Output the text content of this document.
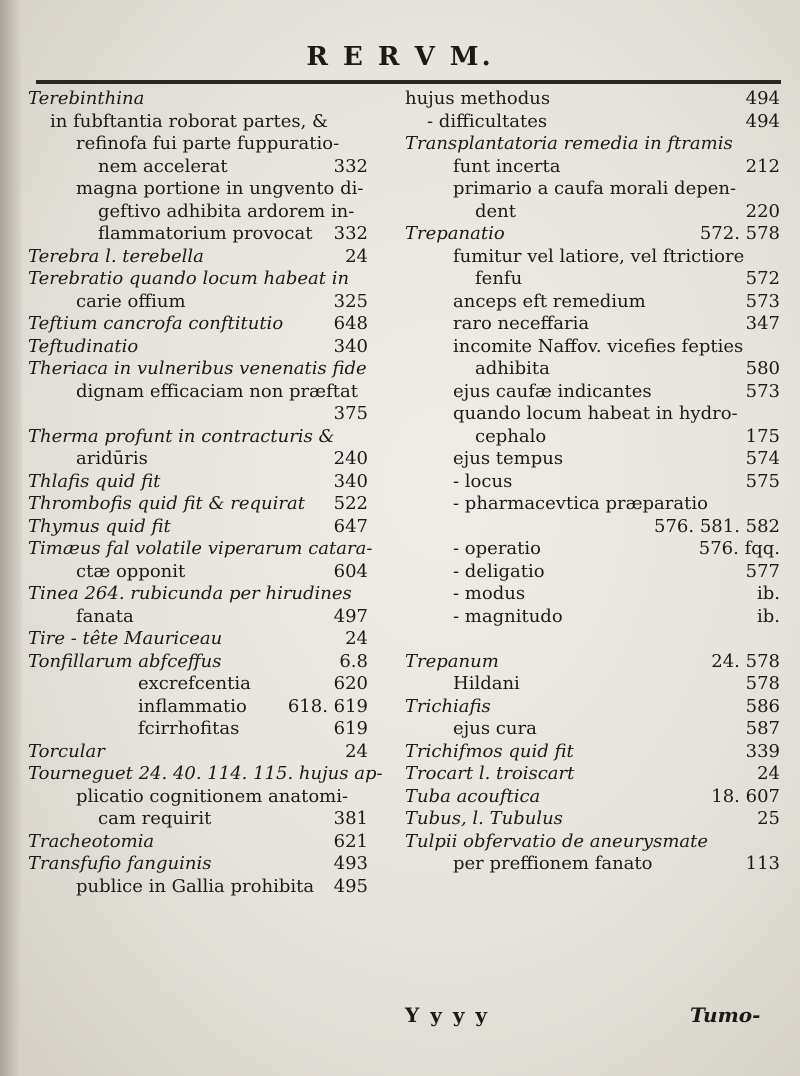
R E R V M.
Terebinthina
in fubftantia roborat partes, &
refinofa fui parte fuppuratio-
nem accelerat	332
magna portione in ungvento di-
geftivo adhibita ardorem in-
flammatorium provocat 332
Terebra l. terebella	24
Terebratio quando locum habeat in
carie offium	325
Teftium cancrofa conftitutio	648
Teftudinatio	340
Theriaca in vulneribus venenatis fide
dignam efficaciam non præftat
375
Therma profunt in contracturis &
aridūris	240
Thlafis quid fit	340
Thrombofis quid fit & requirat 522
Thymus quid fit	647
Timæus fal volatile viperarum catara-
ctæ opponit	604
Tinea 264. rubicunda per hirudines
fanata	497
Tire - tête Mauriceau	24
Tonfillarum abfceffus	6.8
excrefcentia	620
inflammatio 618. 619
fcirrhofitas	619
Torcular	24
Tourneguet 24. 40. 114. 115. hujus ap-
plicatio cognitionem anatomi-
cam requirit	381
Tracheotomia	621
Transfufio fanguinis	493
publice in Gallia prohibita 495
hujus methodus	494
- difficultates	494
Transplantatoria remedia in ftramis
funt incerta	212
primario a caufa morali depen-
dent	220
Trepanatio	572. 578
fumitur vel latiore, vel ftrictiore
fenfu	572
anceps eft remedium	573
raro neceffaria	347
incomite Naffov. vicefies fepties
adhibita	580
ejus caufæ indicantes	573
quando locum habeat in hydro-
cephalo	175
ejus tempus	574
- locus	575
- pharmacevtica præparatio
576. 581. 582
- operatio	576. fqq.
- deligatio	577
- modus	ib.
- magnitudo	ib.
Trepanum	24. 578
Hildani	578
Trichiafis	586
ejus cura	587
Trichifmos quid fit	339
Trocart l. troiscart	24
Tuba acouftica	18. 607
Tubus, l. Tubulus	25
Tulpii obfervatio de aneurysmate
per preffionem fanato	113
Y y y y	Tumo-
